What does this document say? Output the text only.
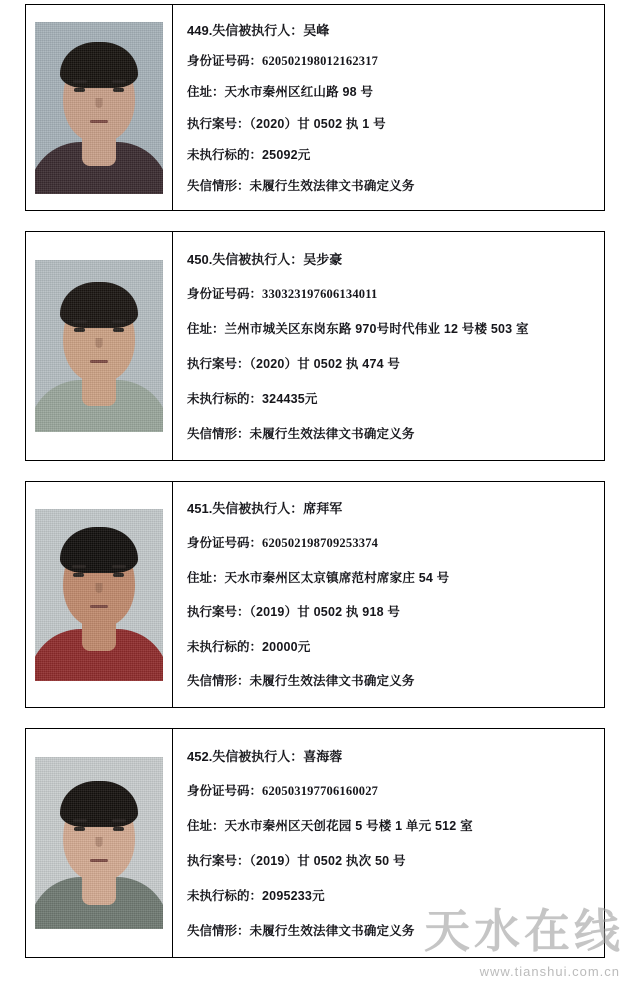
449.失信被执行人：吴峰
身份证号码：620502198012162317
住址：天水市秦州区红山路 98 号
执行案号：（2020）甘 0502 执 1 号
未执行标的：25092元
失信情形：未履行生效法律文书确定义务
450.失信被执行人：吴步豪
身份证号码：330323197606134011
住址：兰州市城关区东岗东路 970号时代伟业 12 号楼 503 室
执行案号：（2020）甘 0502 执 474 号
未执行标的：324435元
失信情形：未履行生效法律文书确定义务
451.失信被执行人：席拜军
身份证号码：620502198709253374
住址：天水市秦州区太京镇席范村席家庄 54 号
执行案号：（2019）甘 0502 执 918 号
未执行标的：20000元
失信情形：未履行生效法律文书确定义务
452.失信被执行人：喜海蓉
身份证号码：620503197706160027
住址：天水市秦州区天创花园 5 号楼 1 单元 512 室
执行案号：（2019）甘 0502 执次 50 号
未执行标的：2095233元
失信情形：未履行生效法律文书确定义务 天水在线
www.tianshui.com.cn
